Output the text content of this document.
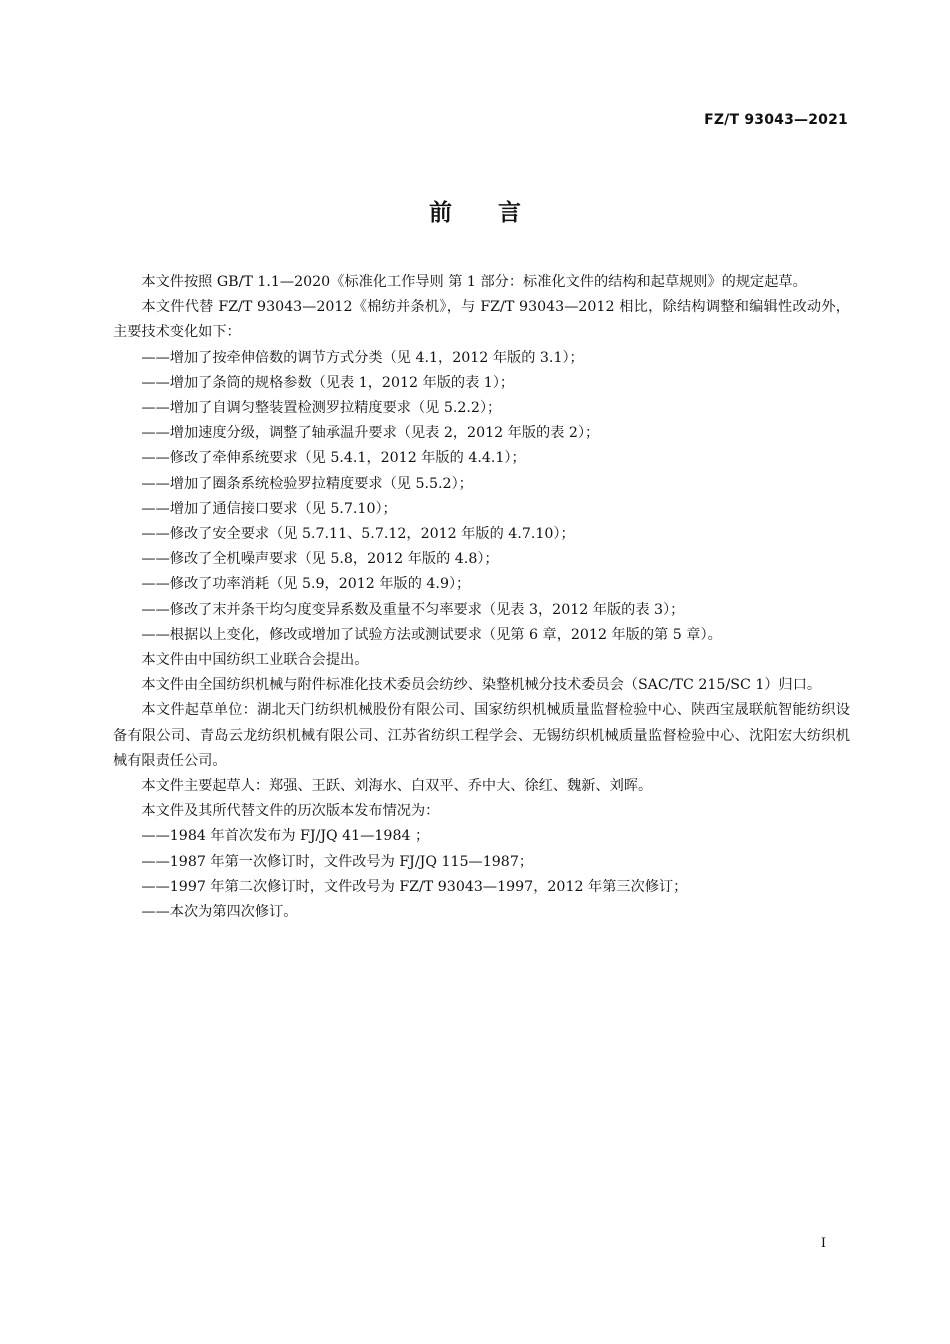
FZ/T 93043—2021
前言

本文件按照 GB/T 1.1—2020《标准化工作导则 第 1 部分：标准化文件的结构和起草规则》的规定起草。

本文件代替 FZ/T 93043—2012《棉纺并条机》，与 FZ/T 93043—2012 相比，除结构调整和编辑性改动外，主要技术变化如下：

——增加了按牵伸倍数的调节方式分类（见 4.1，2012 年版的 3.1）；

——增加了条筒的规格参数（见表 1，2012 年版的表 1）；

——增加了自调匀整装置检测罗拉精度要求（见 5.2.2）；

——增加速度分级，调整了轴承温升要求（见表 2，2012 年版的表 2）；

——修改了牵伸系统要求（见 5.4.1，2012 年版的 4.4.1）；

——增加了圈条系统检验罗拉精度要求（见 5.5.2）；

——增加了通信接口要求（见 5.7.10）；

——修改了安全要求（见 5.7.11、5.7.12，2012 年版的 4.7.10）；

——修改了全机噪声要求（见 5.8，2012 年版的 4.8）；

——修改了功率消耗（见 5.9，2012 年版的 4.9）；

——修改了末并条干均匀度变异系数及重量不匀率要求（见表 3，2012 年版的表 3）；

——根据以上变化，修改或增加了试验方法或测试要求（见第 6 章，2012 年版的第 5 章）。

本文件由中国纺织工业联合会提出。

本文件由全国纺织机械与附件标准化技术委员会纺纱、染整机械分技术委员会（SAC/TC 215/SC 1）归口。

本文件起草单位：湖北天门纺织机械股份有限公司、国家纺织机械质量监督检验中心、陕西宝晟联航智能纺织设备有限公司、青岛云龙纺织机械有限公司、江苏省纺织工程学会、无锡纺织机械质量监督检验中心、沈阳宏大纺织机械有限责任公司。

本文件主要起草人：郑强、王跃、刘海水、白双平、乔中大、徐红、魏新、刘晖。

本文件及其所代替文件的历次版本发布情况为：

——1984 年首次发布为 FJ/JQ 41—1984 ；

——1987 年第一次修订时，文件改号为 FJ/JQ 115—1987；

——1997 年第二次修订时，文件改号为 FZ/T 93043—1997，2012 年第三次修订；

——本次为第四次修订。

I
